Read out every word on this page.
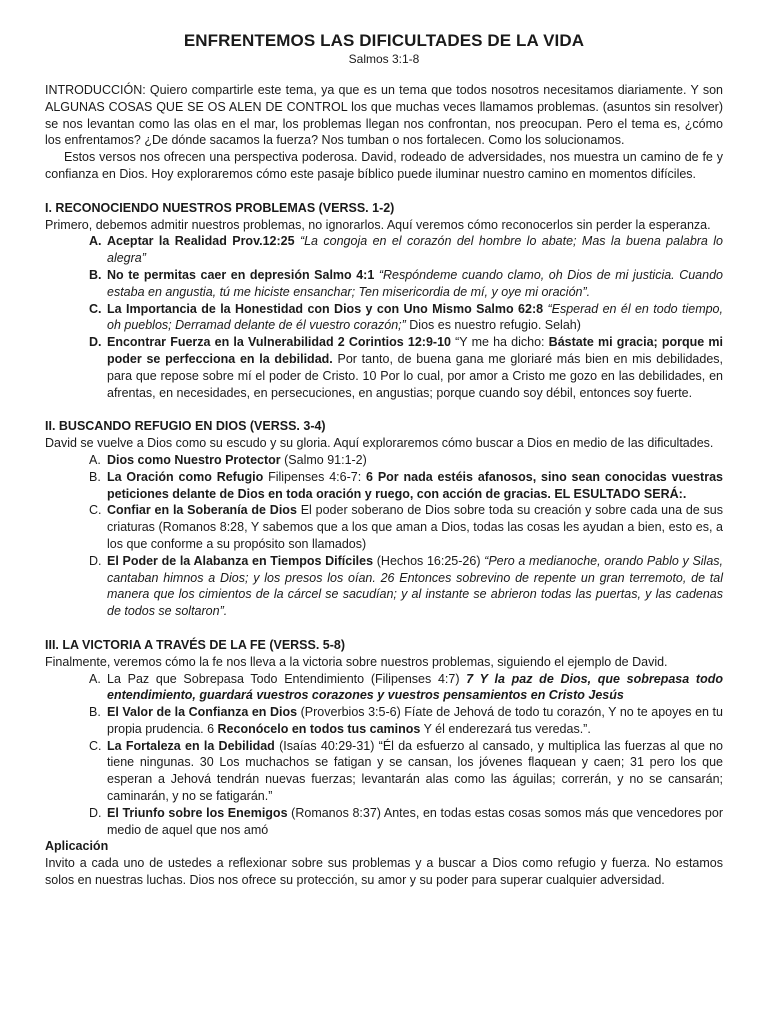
ENFRENTEMOS LAS DIFICULTADES DE LA VIDA
Salmos 3:1-8

INTRODUCCIÓN: Quiero compartirle este tema, ya que es un tema que todos nosotros necesitamos diariamente. Y son ALGUNAS COSAS QUE SE OS ALEN DE CONTROL los que muchas veces llamamos problemas. (asuntos sin resolver) se nos levantan como las olas en el mar, los problemas llegan nos confrontan, nos preocupan. Pero el tema es, ¿cómo los enfrentamos? ¿De dónde sacamos la fuerza? Nos tumban o nos fortalecen. Como los solucionamos.

Estos versos nos ofrecen una perspectiva poderosa. David, rodeado de adversidades, nos muestra un camino de fe y confianza en Dios. Hoy exploraremos cómo este pasaje bíblico puede iluminar nuestro camino en momentos difíciles.

I. RECONOCIENDO NUESTROS PROBLEMAS (VERSS. 1-2)

Primero, debemos admitir nuestros problemas, no ignorarlos. Aquí veremos cómo reconocerlos sin perder la esperanza.

A. Aceptar la Realidad Prov.12:25 “La congoja en el corazón del hombre lo abate; Mas la buena palabra lo alegra”
B. No te permitas caer en depresión Salmo 4:1 “Respóndeme cuando clamo, oh Dios de mi justicia. Cuando estaba en angustia, tú me hiciste ensanchar; Ten misericordia de mí, y oye mi oración”.
C. La Importancia de la Honestidad con Dios y con Uno Mismo Salmo 62:8 “Esperad en él en todo tiempo, oh pueblos; Derramad delante de él vuestro corazón;” Dios es nuestro refugio. Selah)
D. Encontrar Fuerza en la Vulnerabilidad 2 Corintios 12:9-10 “Y me ha dicho: Bástate mi gracia; porque mi poder se perfecciona en la debilidad. Por tanto, de buena gana me gloriaré más bien en mis debilidades, para que repose sobre mí el poder de Cristo. 10 Por lo cual, por amor a Cristo me gozo en las debilidades, en afrentas, en necesidades, en persecuciones, en angustias; porque cuando soy débil, entonces soy fuerte.

II. BUSCANDO REFUGIO EN DIOS (VERSS. 3-4)

David se vuelve a Dios como su escudo y su gloria. Aquí exploraremos cómo buscar a Dios en medio de las dificultades.

A. Dios como Nuestro Protector (Salmo 91:1-2)
B. La Oración como Refugio Filipenses 4:6-7: 6 Por nada estéis afanosos, sino sean conocidas vuestras peticiones delante de Dios en toda oración y ruego, con acción de gracias. EL ESULTADO SERÁ:.
C. Confiar en la Soberanía de Dios El poder soberano de Dios sobre toda su creación y sobre cada una de sus criaturas (Romanos 8:28, Y sabemos que a los que aman a Dios, todas las cosas les ayudan a bien, esto es, a los que conforme a su propósito son llamados)
D. El Poder de la Alabanza en Tiempos Difíciles (Hechos 16:25-26) “Pero a medianoche, orando Pablo y Silas, cantaban himnos a Dios; y los presos los oían. 26 Entonces sobrevino de repente un gran terremoto, de tal manera que los cimientos de la cárcel se sacudían; y al instante se abrieron todas las puertas, y las cadenas de todos se soltaron”.

III. LA VICTORIA A TRAVÉS DE LA FE (VERSS. 5-8)

Finalmente, veremos cómo la fe nos lleva a la victoria sobre nuestros problemas, siguiendo el ejemplo de David.

A. La Paz que Sobrepasa Todo Entendimiento (Filipenses 4:7) 7 Y la paz de Dios, que sobrepasa todo entendimiento, guardará vuestros corazones y vuestros pensamientos en Cristo Jesús
B. El Valor de la Confianza en Dios (Proverbios 3:5-6) Fíate de Jehová de todo tu corazón, Y no te apoyes en tu propia prudencia. 6 Reconócelo en todos tus caminos Y él enderezará tus veredas.”.
C. La Fortaleza en la Debilidad (Isaías 40:29-31) “Él da esfuerzo al cansado, y multiplica las fuerzas al que no tiene ningunas. 30 Los muchachos se fatigan y se cansan, los jóvenes flaquean y caen; 31 pero los que esperan a Jehová tendrán nuevas fuerzas; levantarán alas como las águilas; correrán, y no se cansarán; caminarán, y no se fatigarán.”
D. El Triunfo sobre los Enemigos (Romanos 8:37) Antes, en todas estas cosas somos más que vencedores por medio de aquel que nos amó

Aplicación

Invito a cada uno de ustedes a reflexionar sobre sus problemas y a buscar a Dios como refugio y fuerza. No estamos solos en nuestras luchas. Dios nos ofrece su protección, su amor y su poder para superar cualquier adversidad.
